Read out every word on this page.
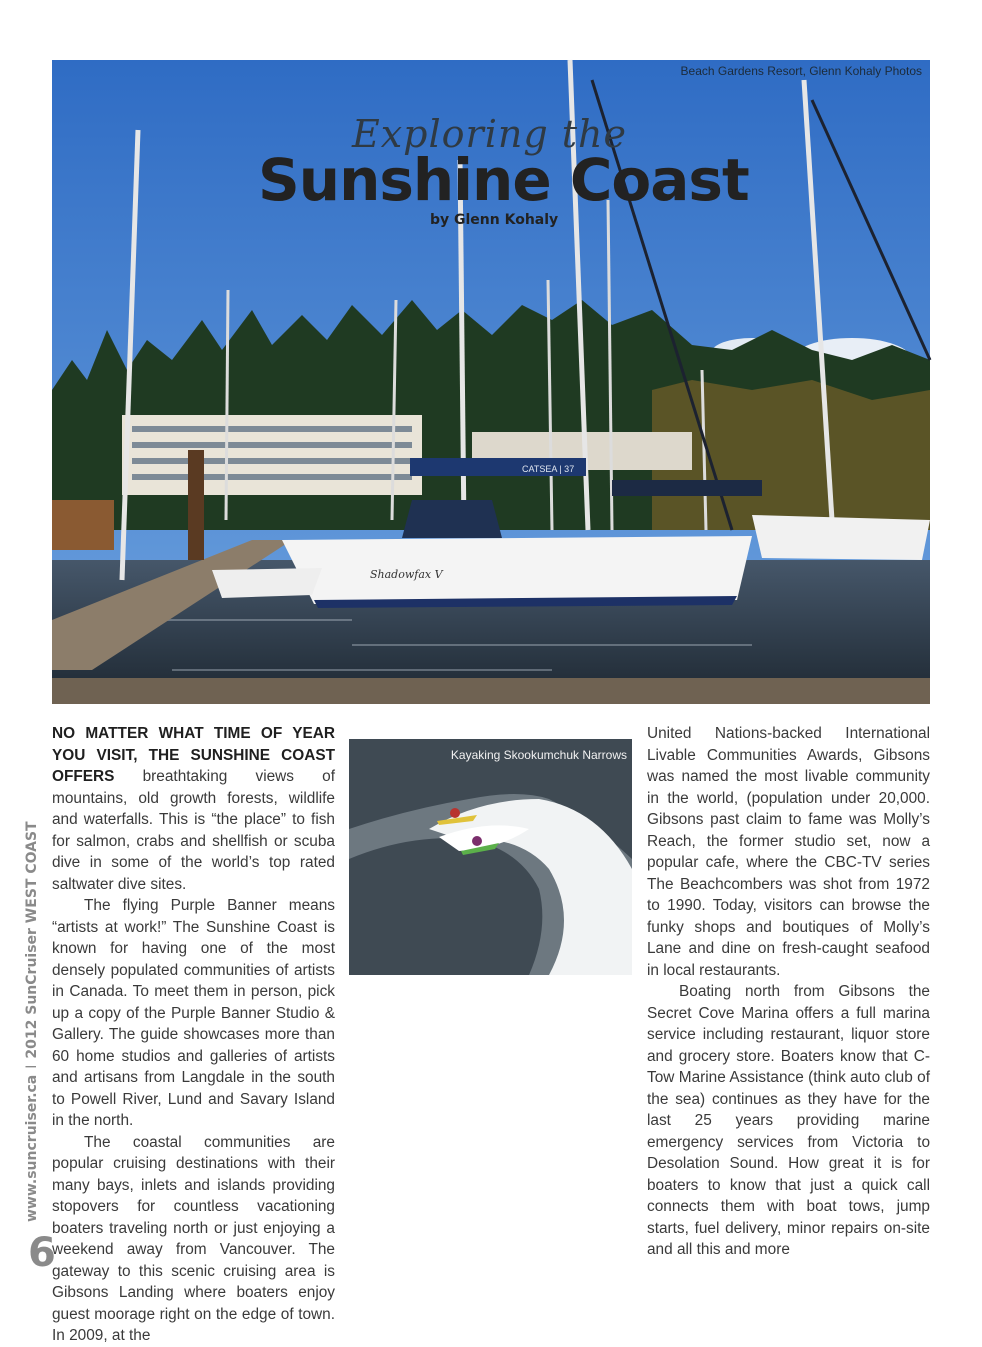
CATSEA | 37
Shadowfax V
Beach Gardens Resort, Glenn Kohaly Photos
Exploring the
Sunshine Coast
by Glenn Kohaly
www.suncruiser.caI2012 SunCruiser WEST COAST
6

NO MATTER WHAT TIME OF YEAR YOU VISIT, THE SUNSHINE COAST OFFERS breathtaking views of mountains, old growth forests, wildlife and waterfalls. This is “the place” to fish for salmon, crabs and shellfish or scuba dive in some of the world’s top rated saltwater dive sites.

The flying Purple Banner means “artists at work!” The Sunshine Coast is known for having one of the most densely populated communities of artists in Canada. To meet them in person, pick up a copy of the Purple Banner Studio & Gallery. The guide showcases more than 60 home studios and galleries of artists and artisans from Langdale in the south to Powell River, Lund and Savary Island in the north.

The coastal communities are popular cruising destinations with their many bays, inlets and islands providing stopovers for countless vacationing boaters traveling north or just enjoying a weekend away from Vancouver. The gateway to this scenic cruising area is Gibsons Landing where boaters enjoy guest moorage right on the edge of town. In 2009, at the

Kayaking Skookumchuk Narrows

United Nations-backed International Livable Communities Awards, Gibsons was named the most livable community in the world, (population under 20,000. Gibsons past claim to fame was Molly’s Reach, the former studio set, now a popular cafe, where the CBC-TV series The Beachcombers was shot from 1972 to 1990. Today, visitors can browse the funky shops and boutiques of Molly’s Lane and dine on fresh-caught seafood in local restaurants.

Boating north from Gibsons the Secret Cove Marina offers a full marina service including restaurant, liquor store and grocery store. Boaters know that C-Tow Marine Assistance (think auto club of the sea) continues as they have for the last 25 years providing marine emergency services from Victoria to Desolation Sound. How great it is for boaters to know that just a quick call connects them with boat tows, jump starts, fuel delivery, minor repairs on-site and all this and more
